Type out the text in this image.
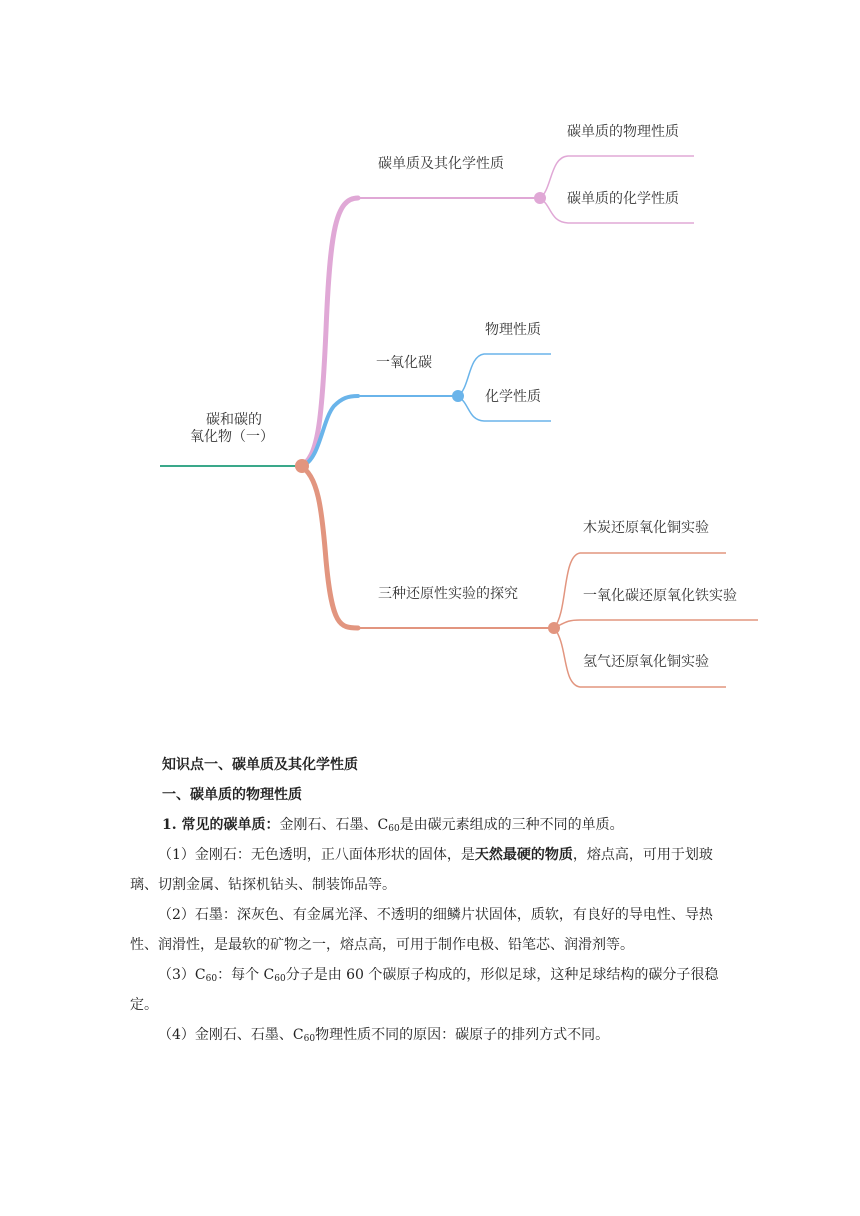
碳和碳的
氧化物（一）
碳单质及其化学性质
碳单质的物理性质
碳单质的化学性质
一氧化碳
物理性质
化学性质
三种还原性实验的探究
木炭还原氧化铜实验
一氧化碳还原氧化铁实验
氢气还原氧化铜实验

知识点一、碳单质及其化学性质

一、碳单质的物理性质

1. 常见的碳单质：金刚石、石墨、$C_{60}$是由碳元素组成的三种不同的单质。

（1）金刚石：无色透明，正八面体形状的固体，是天然最硬的物质，熔点高，可用于划玻璃、切割金属、钻探机钻头、制装饰品等。

（2）石墨：深灰色、有金属光泽、不透明的细鳞片状固体，质软，有良好的导电性、导热性、润滑性，是最软的矿物之一，熔点高，可用于制作电极、铅笔芯、润滑剂等。

$(3)C_{60}$：每个 $C_{60}$分子是由 60 个碳原子构成的，形似足球，这种足球结构的碳分子很稳定。

（4）金刚石、石墨、$C_{60}$物理性质不同的原因：碳原子的排列方式不同。
